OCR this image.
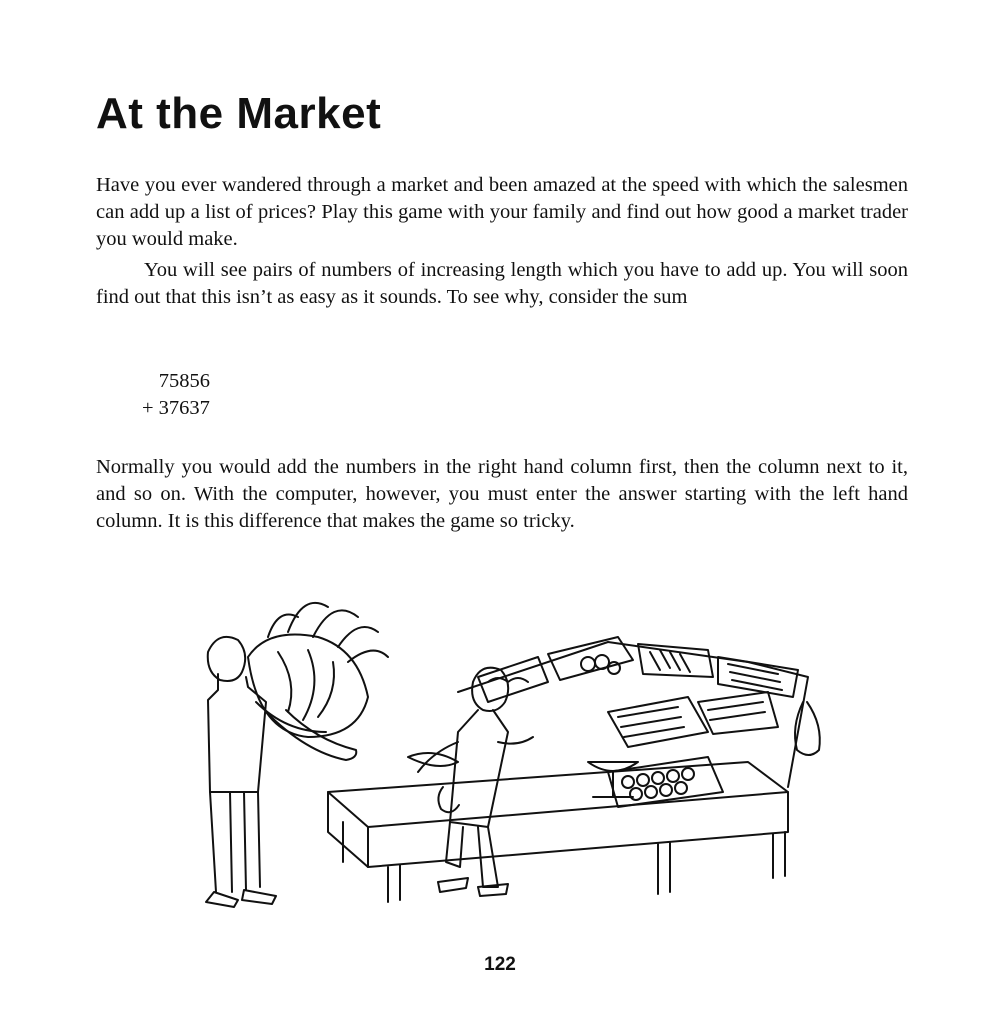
At the Market

Have you ever wandered through a market and been amazed at the speed with which the salesmen can add up a list of prices? Play this game with your family and find out how good a market trader you would make.

You will see pairs of numbers of increasing length which you have to add up. You will soon find out that this isn’t as easy as it sounds. To see why, consider the sum

75856
+ 37637

Normally you would add the numbers in the right hand column first, then the column next to it, and so on. With the computer, however, you must enter the answer starting with the left hand column. It is this difference that makes the game so tricky.

122
